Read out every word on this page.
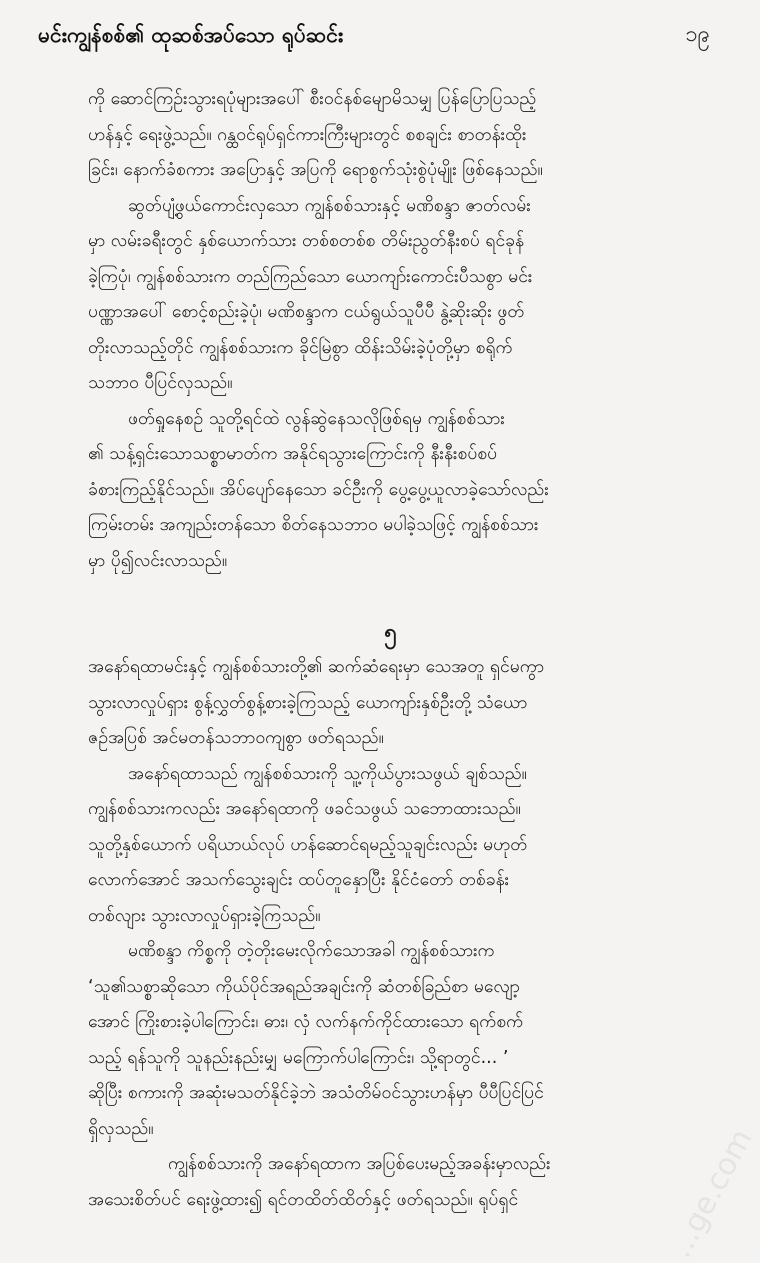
မင်းကျွန်စစ်၏ ထုဆစ်အပ်သော ရုပ်ဆင်း	၁၉
ကို ဆောင်ကြဉ်းသွားရပုံများအပေါ် စီးဝင်နစ်မျောမိသမျှ ပြန်ပြောပြသည့်
ဟန်နှင့် ရေးဖွဲ့သည်။ ဂန္ထဝင်ရုပ်ရှင်ကားကြီးများတွင် စစချင်း စာတန်းထိုး
ခြင်း၊ နောက်ခံစကား အပြောနှင့် အပြကို ရောစွက်သုံးစွဲပုံမျိုး ဖြစ်နေသည်။
ဆွတ်ပျံ့ဖွယ်ကောင်းလှသော ကျွန်စစ်သားနှင့် မဏိစန္ဒာ ဇာတ်လမ်း
မှာ လမ်းခရီးတွင် နှစ်ယောက်သား တစ်စတစ်စ တိမ်းညွတ်နီးစပ် ရင်ခုန်
ခဲ့ကြပုံ၊ ကျွန်စစ်သားက တည်ကြည်သော ယောကျာ်းကောင်းပီသစွာ မင်း
ပဏ္ဏာအပေါ် စောင့်စည်းခဲ့ပုံ၊ မဏိစန္ဒာက ငယ်ရွယ်သူပီပီ နွဲ့ဆိုးဆိုး ဖွတ်
တိုးလာသည့်တိုင် ကျွန်စစ်သားက ခိုင်မြဲစွာ ထိန်းသိမ်းခဲ့ပုံတို့မှာ စရိုက်
သဘာဝ ပီပြင်လှသည်။
ဖတ်ရှုနေစဉ် သူတို့ရင်ထဲ လွန်ဆွဲနေသလိုဖြစ်ရမှ ကျွန်စစ်သား
၏ သန့်ရှင်းသောသစ္စာမာတ်က အနိုင်ရသွားကြောင်းကို နီးနီးစပ်စပ်
ခံစားကြည့်နိုင်သည်။ အိပ်ပျော်နေသော ခင်ဦးကို ပွေ့ပွေ့ယူလာခဲ့သော်လည်း
ကြမ်းတမ်း အကျည်းတန်သော စိတ်နေသဘာဝ မပါခဲ့သဖြင့် ကျွန်စစ်သား
မှာ ပို၍လင်းလာသည်။
၅
အနော်ရထာမင်းနှင့် ကျွန်စစ်သားတို့၏ ဆက်ဆံရေးမှာ သေအတူ ရှင်မကွာ
သွားလာလှုပ်ရှား စွန့်လွှတ်စွန့်စားခဲ့ကြသည့် ယောကျာ်းနှစ်ဦးတို့ သံယော
ဇဉ်အပြစ် အင်မတန်သဘာဝကျစွာ ဖတ်ရသည်။
အနော်ရထာသည် ကျွန်စစ်သားကို သူ့ကိုယ်ပွားသဖွယ် ချစ်သည်။
ကျွန်စစ်သားကလည်း အနော်ရထာကို ဖခင်သဖွယ် သဘောထားသည်။
သူတို့နှစ်ယောက် ပရိယာယ်လုပ် ဟန်ဆောင်ရမည့်သူချင်းလည်း မဟုတ်
လောက်အောင် အသက်သွေးချင်း ထပ်တူနှောပြီး နိုင်ငံတော် တစ်ခန်း
တစ်လျား သွားလာလှုပ်ရှားခဲ့ကြသည်။
မဏိစန္ဒာ ကိစ္စကို တဲ့တိုးမေးလိုက်သောအခါ ကျွန်စစ်သားက
‘သူ၏သစ္စာဆိုသော ကိုယ်ပိုင်အရည်အချင်းကို ဆံတစ်ခြည်စာ မလျော့
အောင် ကြိုးစားခဲ့ပါကြောင်း၊ ဓား၊ လှံ လက်နက်ကိုင်ထားသော ရက်စက်
သည့် ရန်သူကို သူနည်းနည်းမျှ မကြောက်ပါကြောင်း၊ သို့ရာတွင်... ’
ဆိုပြီး စကားကို အဆုံးမသတ်နိုင်ခဲ့ဘဲ အသံတိမ်ဝင်သွားဟန်မှာ ပီပီပြင်ပြင်
ရှိလှသည်။
ကျွန်စစ်သားကို အနော်ရထာက အပြစ်ပေးမည့်အခန်းမှာလည်း
အသေးစိတ်ပင် ရေးဖွဲ့ထား၍ ရင်တထိတ်ထိတ်နှင့် ဖတ်ရသည်။ ရုပ်ရှင်	...ge.com
